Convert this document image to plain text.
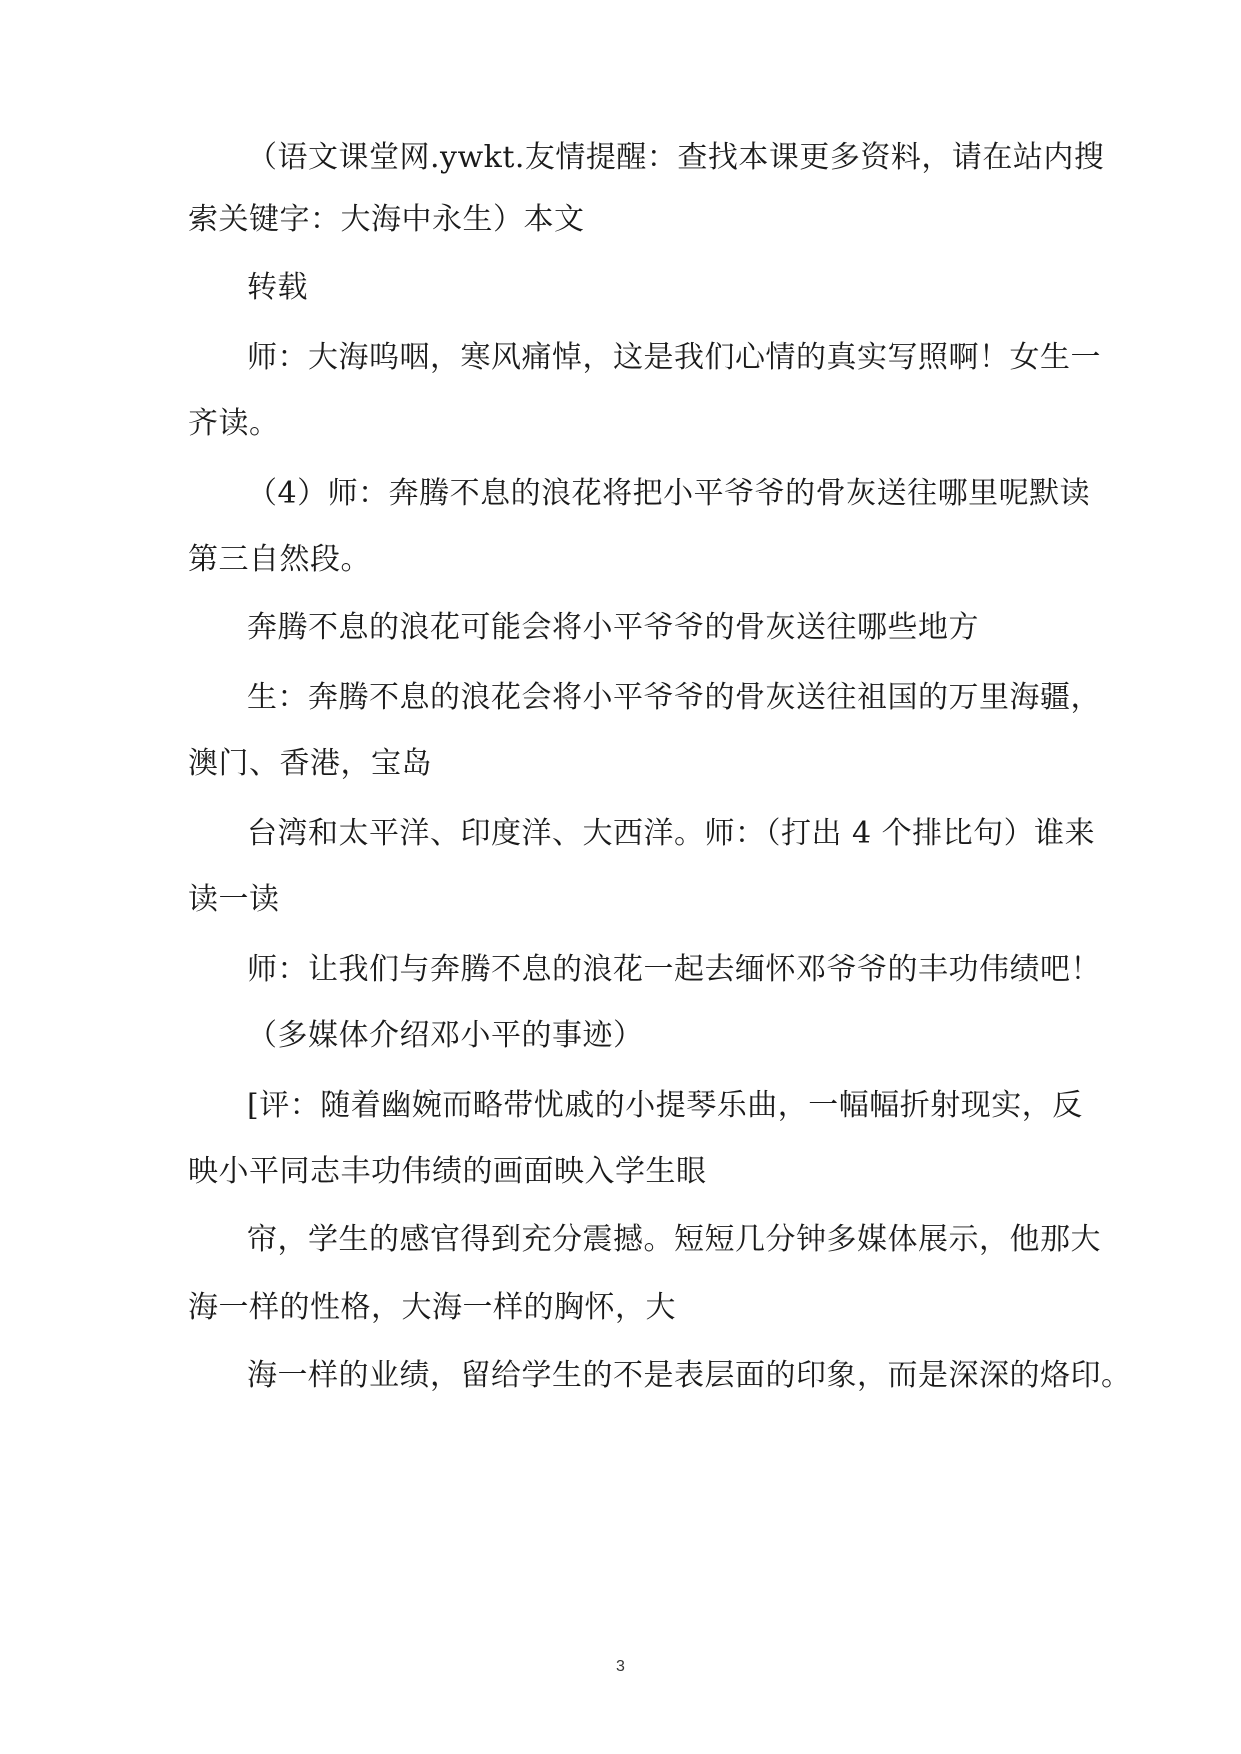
（语文课堂网.ywkt.友情提醒：查找本课更多资料，请在站内搜
索关键字：大海中永生）本文
转载
师：大海呜咽，寒风痛悼，这是我们心情的真实写照啊！女生一
齐读。
（4）师：奔腾不息的浪花将把小平爷爷的骨灰送往哪里呢默读
第三自然段。
奔腾不息的浪花可能会将小平爷爷的骨灰送往哪些地方
生：奔腾不息的浪花会将小平爷爷的骨灰送往祖国的万里海疆，
澳门、香港，宝岛
台湾和太平洋、印度洋、大西洋。师：（打出 4 个排比句）谁来
读一读
师：让我们与奔腾不息的浪花一起去缅怀邓爷爷的丰功伟绩吧！
（多媒体介绍邓小平的事迹）
[评：随着幽婉而略带忧戚的小提琴乐曲，一幅幅折射现实，反
映小平同志丰功伟绩的画面映入学生眼
帘，学生的感官得到充分震撼。短短几分钟多媒体展示，他那大
海一样的性格，大海一样的胸怀，大
海一样的业绩，留给学生的不是表层面的印象，而是深深的烙印。
3
